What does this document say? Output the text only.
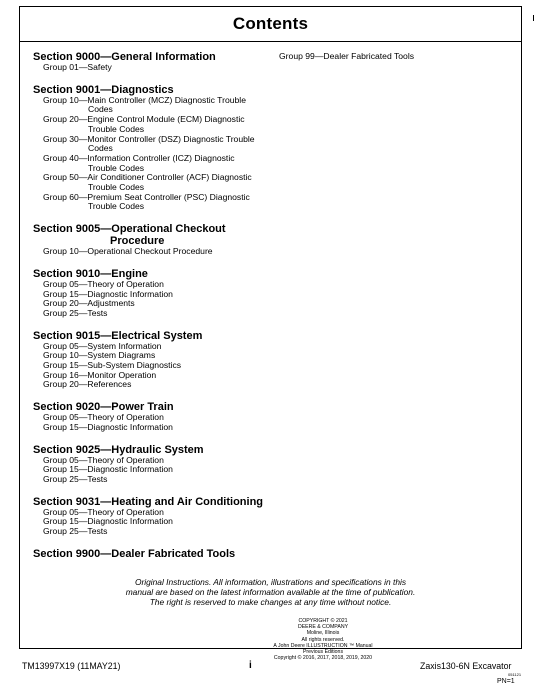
Contents
Section 9000—General Information
Group 01—Safety
Section 9001—Diagnostics
Group 10—Main Controller (MCZ) Diagnostic Trouble
Codes
Group 20—Engine Control Module (ECM) Diagnostic
Trouble Codes
Group 30—Monitor Controller (DSZ) Diagnostic Trouble
Codes
Group 40—Information Controller (ICZ) Diagnostic
Trouble Codes
Group 50—Air Conditioner Controller (ACF) Diagnostic
Trouble Codes
Group 60—Premium Seat Controller (PSC) Diagnostic
Trouble Codes
Section 9005—Operational Checkout
Procedure
Group 10—Operational Checkout Procedure
Section 9010—Engine
Group 05—Theory of Operation
Group 15—Diagnostic Information
Group 20—Adjustments
Group 25—Tests
Section 9015—Electrical System
Group 05—System Information
Group 10—System Diagrams
Group 15—Sub-System Diagnostics
Group 16—Monitor Operation
Group 20—References
Section 9020—Power Train
Group 05—Theory of Operation
Group 15—Diagnostic Information
Section 9025—Hydraulic System
Group 05—Theory of Operation
Group 15—Diagnostic Information
Group 25—Tests
Section 9031—Heating and Air Conditioning
Group 05—Theory of Operation
Group 15—Diagnostic Information
Group 25—Tests
Section 9900—Dealer Fabricated Tools
Group 99—Dealer Fabricated Tools
Original Instructions. All information, illustrations and specifications in this
manual are based on the latest information available at the time of publication.
The right is reserved to make changes at any time without notice.
COPYRIGHT © 2021
DEERE & COMPANY
Moline, Illinois
All rights reserved.
A John Deere ILLUSTRUCTION ™ Manual
Previous Editions
Copyright © 2016, 2017, 2018, 2019, 2020
TM13997X19 (11MAY21)	i	Zaxis130-6N Excavator
051121
PN=1
